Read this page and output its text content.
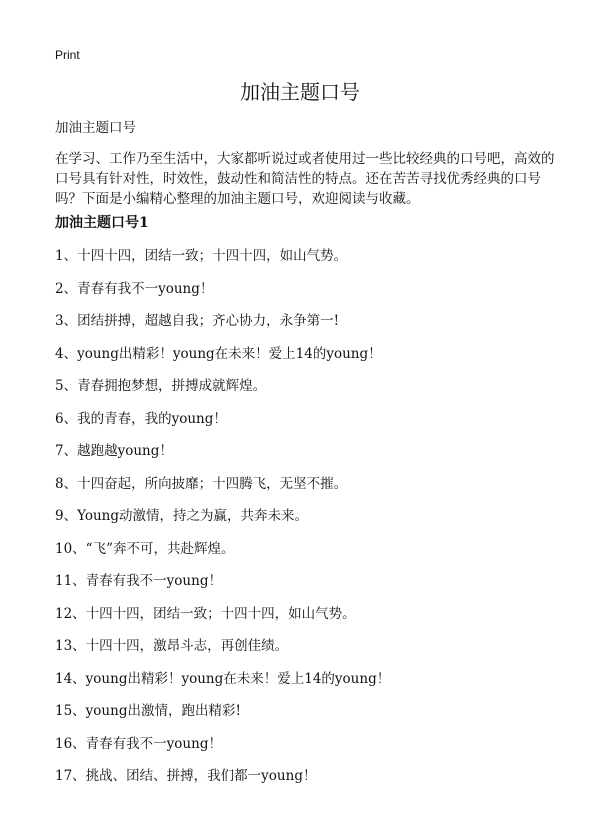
Print
加油主题口号

加油主题口号

在学习、工作乃至生活中，大家都听说过或者使用过一些比较经典的口号吧，高效的口号具有针对性，时效性，鼓动性和简洁性的特点。还在苦苦寻找优秀经典的口号吗？下面是小编精心整理的加油主题口号，欢迎阅读与收藏。

加油主题口号1
1、十四十四，团结一致；十四十四，如山气势。
2、青春有我不一young！
3、团结拼搏，超越自我；齐心协力，永争第一!
4、young出精彩！young在未来！爱上14的young！
5、青春拥抱梦想，拼搏成就辉煌。
6、我的青春，我的young！
7、越跑越young！
8、十四奋起，所向披靡；十四腾飞，无坚不摧。
9、Young动激情，持之为赢，共奔未来。
10、“飞”奔不可，共赴辉煌。
11、青春有我不一young！
12、十四十四，团结一致；十四十四，如山气势。
13、十四十四，激昂斗志，再创佳绩。
14、young出精彩！young在未来！爱上14的young！
15、young出激情，跑出精彩!
16、青春有我不一young！
17、挑战、团结、拼搏，我们都一young！
